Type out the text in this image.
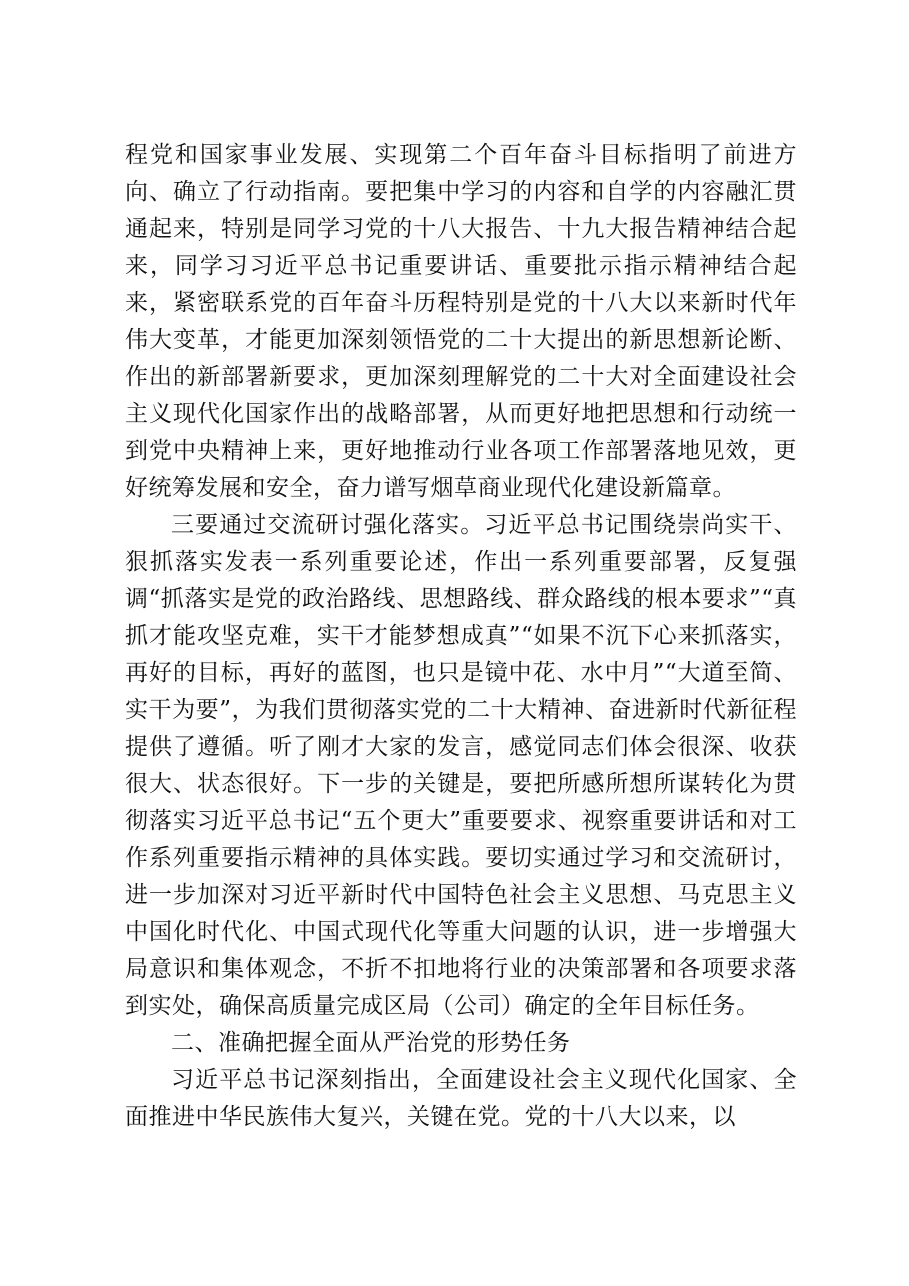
程党和国家事业发展、实现第二个百年奋斗目标指明了前进方向、确立了行动指南。要把集中学习的内容和自学的内容融汇贯通起来，特别是同学习党的十八大报告、十九大报告精神结合起来，同学习习近平总书记重要讲话、重要批示指示精神结合起来，紧密联系党的百年奋斗历程特别是党的十八大以来新时代年伟大变革，才能更加深刻领悟党的二十大提出的新思想新论断、作出的新部署新要求，更加深刻理解党的二十大对全面建设社会主义现代化国家作出的战略部署，从而更好地把思想和行动统一到党中央精神上来，更好地推动行业各项工作部署落地见效，更好统筹发展和安全，奋力谱写烟草商业现代化建设新篇章。

三要通过交流研讨强化落实。习近平总书记围绕崇尚实干、狠抓落实发表一系列重要论述，作出一系列重要部署，反复强调“抓落实是党的政治路线、思想路线、群众路线的根本要求”“真抓才能攻坚克难，实干才能梦想成真”“如果不沉下心来抓落实，再好的目标，再好的蓝图，也只是镜中花、水中月”“大道至简、实干为要”，为我们贯彻落实党的二十大精神、奋进新时代新征程提供了遵循。听了刚才大家的发言，感觉同志们体会很深、收获很大、状态很好。下一步的关键是，要把所感所想所谋转化为贯彻落实习近平总书记“五个更大”重要要求、视察重要讲话和对工作系列重要指示精神的具体实践。要切实通过学习和交流研讨，进一步加深对习近平新时代中国特色社会主义思想、马克思主义中国化时代化、中国式现代化等重大问题的认识，进一步增强大局意识和集体观念，不折不扣地将行业的决策部署和各项要求落到实处，确保高质量完成区局（公司）确定的全年目标任务。

二、准确把握全面从严治党的形势任务

习近平总书记深刻指出，全面建设社会主义现代化国家、全面推进中华民族伟大复兴，关键在党。党的十八大以来，以
